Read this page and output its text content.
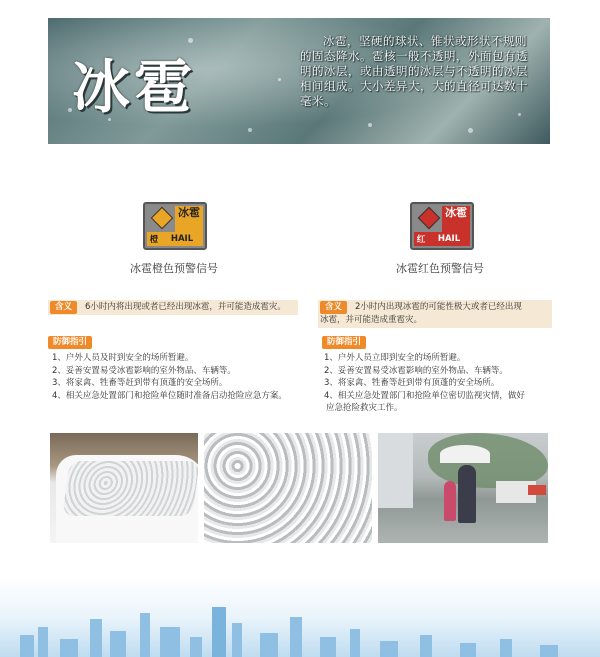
冰雹
冰雹，坚硬的球状、锥状或形状不规则的固态降水。雹核一般不透明，外面包有透明的冰层，或由透明的冰层与不透明的冰层相间组成。大小差异大，大的直径可达数十毫米。
冰雹
橙	HAIL
冰雹橙色预警信号
冰雹
红	HAIL
冰雹红色预警信号
含义 6小时内将出现或者已经出现冰雹，并可能造成雹灾。	含义 2小时内出现冰雹的可能性极大或者已经出现
冰雹，并可能造成重雹灾。
防御指引
1、户外人员及时到安全的场所暂避。
2、妥善安置易受冰雹影响的室外物品、车辆等。
3、将家禽、牲畜等赶到带有顶蓬的安全场所。
4、相关应急处置部门和抢险单位随时准备启动抢险应急方案。
防御指引
1、户外人员立即到安全的场所暂避。
2、妥善安置易受冰雹影响的室外物品、车辆等。
3、将家禽、牲畜等赶到带有顶蓬的安全场所。
4、相关应急处置部门和抢险单位密切监视灾情，做好
应急抢险救灾工作。
